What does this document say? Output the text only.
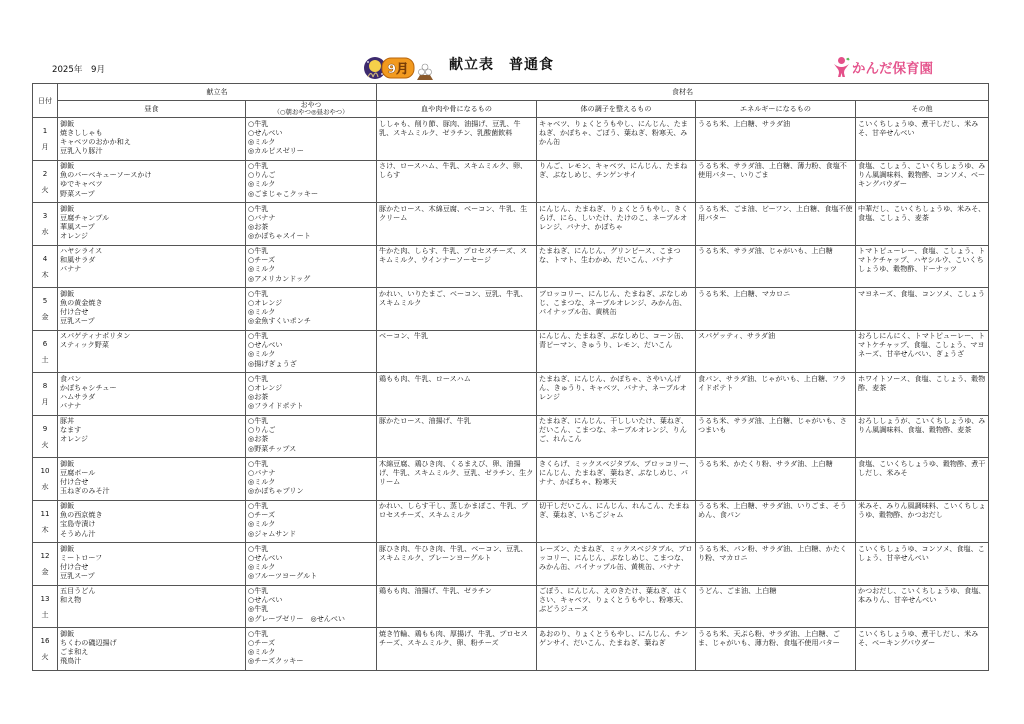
2025年　9月	9月	献立表　普通食	かんだ保育園
日付	献立名		食材名			
	昼食	おやつ
（○朝おやつ◎昼おやつ）	血や肉や骨になるもの	体の調子を整えるもの	エネルギーになるもの	その他

1
月	御飯
焼きししゃも
キャベツのおかか和え
豆乳入り豚汁	○牛乳
○せんべい
◎ミルク
◎カルピスゼリー	ししゃも、削り節、豚肉、油揚げ、豆乳、牛乳、スキムミルク、ゼラチン、乳酸菌飲料	キャベツ、りょくとうもやし、にんじん、たまねぎ、かぼちゃ、ごぼう、葉ねぎ、粉寒天、みかん缶	うるち米、上白糖、サラダ油	こいくちしょうゆ、煮干しだし、米みそ、甘辛せんべい

2
火	御飯
魚のバーベキューソースかけ
ゆでキャベツ
野菜スープ	○牛乳
○りんご
◎ミルク
◎ごまじゃこクッキー	さけ、ロースハム、牛乳、スキムミルク、卵、しらす	りんご、レモン、キャベツ、にんじん、たまねぎ、ぶなしめじ、チンゲンサイ	うるち米、サラダ油、上白糖、薄力粉、食塩不使用バター、いりごま	食塩、こしょう、こいくちしょうゆ、みりん風調味料、穀物酢、コンソメ、ベーキングパウダー

3
水	御飯
豆腐チャンプル
華風スープ
オレンジ	○牛乳
○バナナ
◎お茶
◎かぼちゃスイート	豚かたロース、木綿豆腐、ベーコン、牛乳、生クリーム	にんじん、たまねぎ、りょくとうもやし、きくらげ、にら、しいたけ、たけのこ、ネーブルオレンジ、バナナ、かぼちゃ	うるち米、ごま油、ビーフン、上白糖、食塩不使用バター	中華だし、こいくちしょうゆ、米みそ、食塩、こしょう、麦茶

4
木	ハヤシライス
和風サラダ
バナナ	○牛乳
○チーズ
◎ミルク
◎アメリカンドッグ	牛かた肉、しらす、牛乳、プロセスチーズ、スキムミルク、ウインナーソーセージ	たまねぎ、にんじん、グリンピース、こまつな、トマト、生わかめ、だいこん、バナナ	うるち米、サラダ油、じゃがいも、上白糖	トマトピューレー、食塩、こしょう、トマトケチャップ、ハヤシルウ、こいくちしょうゆ、穀物酢、ドーナッツ

5
金	御飯
魚の黄金焼き
付け合せ
豆乳スープ	○牛乳
○オレンジ
◎ミルク
◎金魚すくいポンチ	かれい、いりたまご、ベーコン、豆乳、牛乳、スキムミルク	ブロッコリー、にんじん、たまねぎ、ぶなしめじ、こまつな、ネーブルオレンジ、みかん缶、パイナップル缶、黄桃缶	うるち米、上白糖、マカロニ	マヨネーズ、食塩、コンソメ、こしょう

6
土	スパゲティナポリタン
スティック野菜	○牛乳
○せんべい
◎ミルク
◎揚げぎょうざ	ベーコン、牛乳	にんじん、たまねぎ、ぶなしめじ、コーン缶、青ピーマン、きゅうり、レモン、だいこん	スパゲッティ、サラダ油	おろしにんにく、トマトピューレー、トマトケチャップ、食塩、こしょう、マヨネーズ、甘辛せんべい、ぎょうざ

8
月	食パン
かぼちゃシチュー
ハムサラダ
バナナ	○牛乳
○オレンジ
◎お茶
◎フライドポテト	鶏もも肉、牛乳、ロースハム	たまねぎ、にんじん、かぼちゃ、さやいんげん、きゅうり、キャベツ、バナナ、ネーブルオレンジ	食パン、サラダ油、じゃがいも、上白糖、フライドポテト	ホワイトソース、食塩、こしょう、穀物酢、麦茶

9
火	豚丼
なます
オレンジ	○牛乳
○りんご
◎お茶
◎野菜チップス	豚かたロース、油揚げ、牛乳	たまねぎ、にんじん、干ししいたけ、葉ねぎ、だいこん、こまつな、ネーブルオレンジ、りんご、れんこん	うるち米、サラダ油、上白糖、じゃがいも、さつまいも	おろししょうが、こいくちしょうゆ、みりん風調味料、食塩、穀物酢、麦茶

10
水	御飯
豆腐ボール
付け合せ
玉ねぎのみそ汁	○牛乳
○バナナ
◎ミルク
◎かぼちゃプリン	木綿豆腐、鶏ひき肉、くるまえび、卵、油揚げ、牛乳、スキムミルク、豆乳、ゼラチン、生クリーム	きくらげ、ミックスベジタブル、ブロッコリー、にんじん、たまねぎ、葉ねぎ、ぶなしめじ、バナナ、かぼちゃ、粉寒天	うるち米、かたくり粉、サラダ油、上白糖	食塩、こいくちしょうゆ、穀物酢、煮干しだし、米みそ

11
木	御飯
魚の西京焼き
宝島寺漬け
そうめん汁	○牛乳
○チーズ
◎ミルク
◎ジャムサンド	かれい、しらす干し、蒸しかまぼこ、牛乳、プロセスチーズ、スキムミルク	切干しだいこん、にんじん、れんこん、たまねぎ、葉ねぎ、いちごジャム	うるち米、上白糖、サラダ油、いりごま、そうめん、食パン	米みそ、みりん風調味料、こいくちしょうゆ、穀物酢、かつおだし

12
金	御飯
ミートローフ
付け合せ
豆乳スープ	○牛乳
○せんべい
◎ミルク
◎フルーツヨーグルト	豚ひき肉、牛ひき肉、牛乳、ベーコン、豆乳、スキムミルク、プレーンヨーグルト	レーズン、たまねぎ、ミックスベジタブル、ブロッコリー、にんじん、ぶなしめじ、こまつな、みかん缶、パイナップル缶、黄桃缶、バナナ	うるち米、パン粉、サラダ油、上白糖、かたくり粉、マカロニ	こいくちしょうゆ、コンソメ、食塩、こしょう、甘辛せんべい

13
土	五目うどん
和え物	○牛乳
○せんべい
◎牛乳
◎グレープゼリー　◎せんべい	鶏もも肉、油揚げ、牛乳、ゼラチン	ごぼう、にんじん、えのきたけ、葉ねぎ、はくさい、キャベツ、りょくとうもやし、粉寒天、ぶどうジュース	うどん、ごま油、上白糖	かつおだし、こいくちしょうゆ、食塩、本みりん、甘辛せんべい

16
火	御飯
ちくわの磯辺揚げ
ごま和え
飛鳥汁	○牛乳
○チーズ
◎ミルク
◎チーズクッキー	焼き竹輪、鶏もも肉、厚揚げ、牛乳、プロセスチーズ、スキムミルク、卵、粉チーズ	あおのり、りょくとうもやし、にんじん、チンゲンサイ、だいこん、たまねぎ、葉ねぎ	うるち米、天ぷら粉、サラダ油、上白糖、ごま、じゃがいも、薄力粉、食塩不使用バター	こいくちしょうゆ、煮干しだし、米みそ、ベーキングパウダー
